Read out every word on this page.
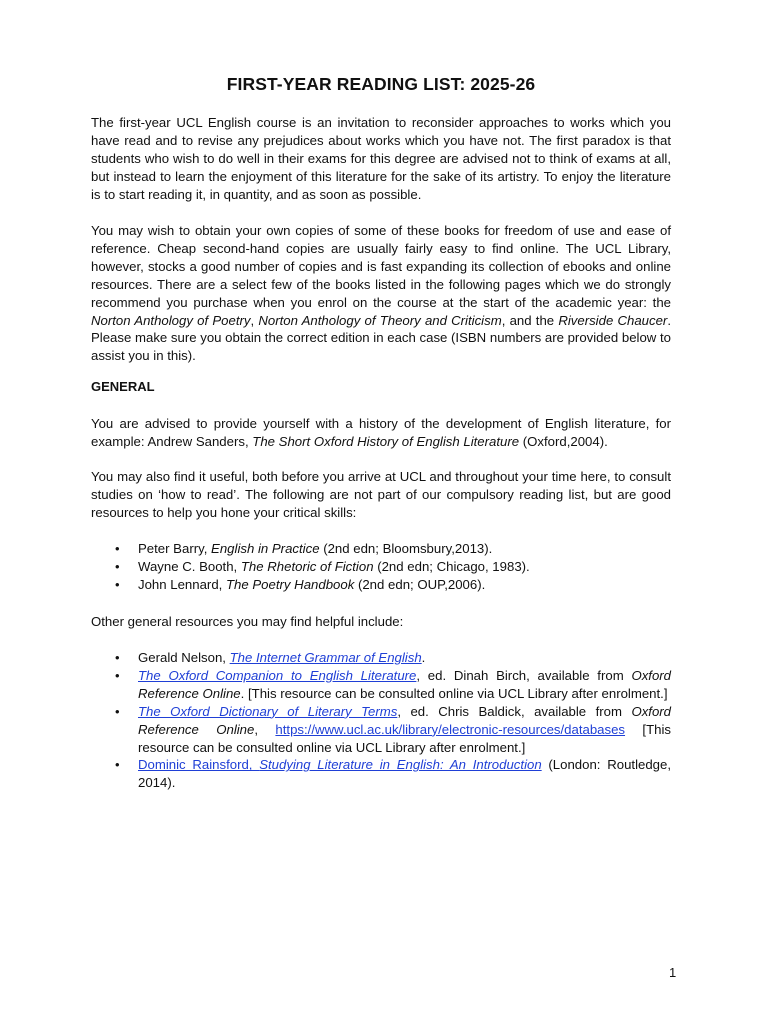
FIRST-YEAR READING LIST: 2025-26

The first-year UCL English course is an invitation to reconsider approaches to works which you have read and to revise any prejudices about works which you have not. The first paradox is that students who wish to do well in their exams for this degree are advised not to think of exams at all, but instead to learn the enjoyment of this literature for the sake of its artistry. To enjoy the literature is to start reading it, in quantity, and as soon as possible.

You may wish to obtain your own copies of some of these books for freedom of use and ease of reference. Cheap second-hand copies are usually fairly easy to find online. The UCL Library, however, stocks a good number of copies and is fast expanding its collection of ebooks and online resources. There are a select few of the books listed in the following pages which we do strongly recommend you purchase when you enrol on the course at the start of the academic year: the Norton Anthology of Poetry, Norton Anthology of Theory and Criticism, and the Riverside Chaucer. Please make sure you obtain the correct edition in each case (ISBN numbers are provided below to assist you in this).

GENERAL

You are advised to provide yourself with a history of the development of English literature, for example: Andrew Sanders, The Short Oxford History of English Literature (Oxford,2004).

You may also find it useful, both before you arrive at UCL and throughout your time here, to consult studies on ‘how to read’. The following are not part of our compulsory reading list, but are good resources to help you hone your critical skills:

• Peter Barry, English in Practice (2nd edn; Bloomsbury,2013).
• Wayne C. Booth, The Rhetoric of Fiction (2nd edn; Chicago, 1983).
• John Lennard, The Poetry Handbook (2nd edn; OUP,2006).

Other general resources you may find helpful include:

• Gerald Nelson, The Internet Grammar of English.
• The Oxford Companion to English Literature, ed. Dinah Birch, available from Oxford Reference Online. [This resource can be consulted online via UCL Library after enrolment.]
• The Oxford Dictionary of Literary Terms, ed. Chris Baldick, available from Oxford Reference Online, https://www.ucl.ac.uk/library/electronic-resources/databases [This resource can be consulted online via UCL Library after enrolment.]
• Dominic Rainsford, Studying Literature in English: An Introduction (London: Routledge, 2014).
1
